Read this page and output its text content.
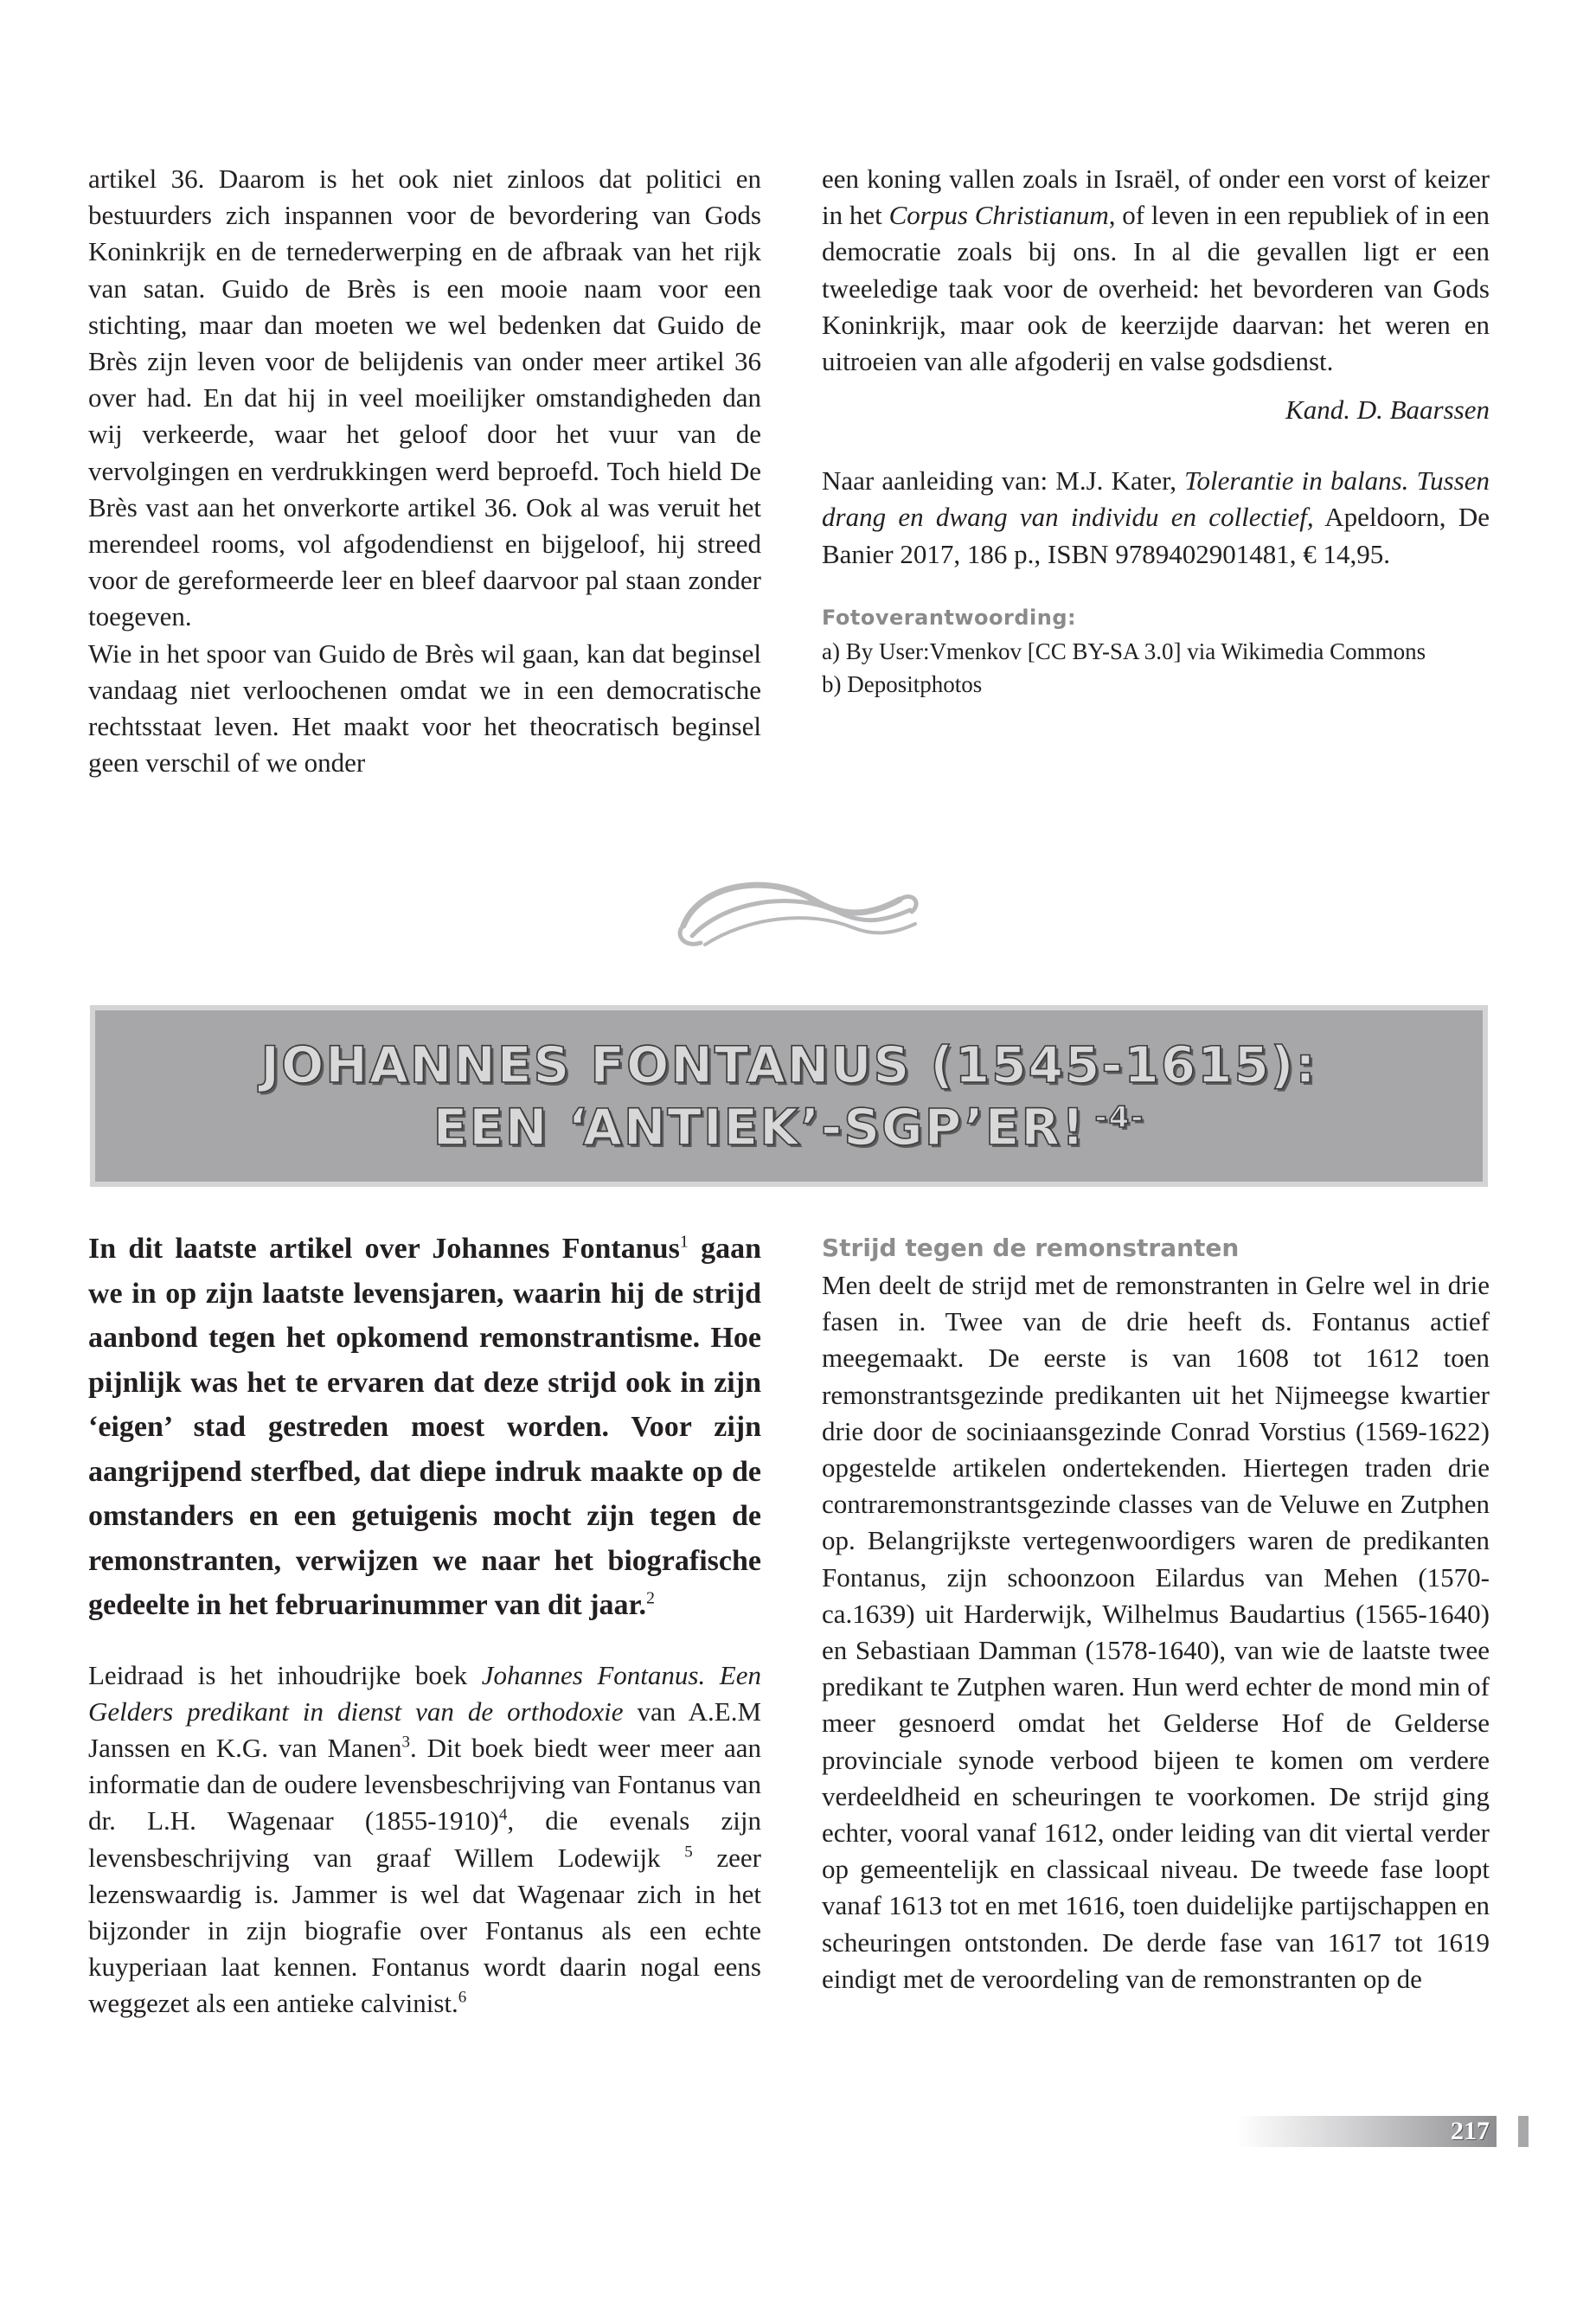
artikel 36. Daarom is het ook niet zinloos dat politici en bestuurders zich inspannen voor de bevordering van Gods Koninkrijk en de ternederwerping en de afbraak van het rijk van satan. Guido de Brès is een mooie naam voor een stichting, maar dan moeten we wel bedenken dat Guido de Brès zijn leven voor de belijdenis van onder meer artikel 36 over had. En dat hij in veel moeilijker omstandigheden dan wij verkeerde, waar het geloof door het vuur van de vervolgingen en verdrukkingen werd beproefd. Toch hield De Brès vast aan het onverkorte artikel 36. Ook al was veruit het merendeel rooms, vol afgodendienst en bijgeloof, hij streed voor de gereformeerde leer en bleef daarvoor pal staan zonder toegeven.

Wie in het spoor van Guido de Brès wil gaan, kan dat beginsel vandaag niet verloochenen omdat we in een democratische rechtsstaat leven. Het maakt voor het theocratisch beginsel geen verschil of we onder

een koning vallen zoals in Israël, of onder een vorst of keizer in het Corpus Christianum, of leven in een republiek of in een democratie zoals bij ons. In al die gevallen ligt er een tweeledige taak voor de overheid: het bevorderen van Gods Koninkrijk, maar ook de keerzijde daarvan: het weren en uitroeien van alle afgoderij en valse godsdienst.

Kand. D. Baarssen

Naar aanleiding van: M.J. Kater, Tolerantie in balans. Tussen drang en dwang van individu en collectief, Apeldoorn, De Banier 2017, 186 p., ISBN 9789402901481, € 14,95.

Fotoverantwoording:

a) By User:Vmenkov [CC BY-SA 3.0] via Wikimedia Commons

b) Depositphotos

JOHANNES FONTANUS (1545-1615):
EEN ‘ANTIEK’-SGP’ER! $^{-4-}$

In dit laatste artikel over Johannes Fontanus$^1$ gaan we in op zijn laatste levensjaren, waarin hij de strijd aanbond tegen het opkomend remonstrantisme. Hoe pijnlijk was het te ervaren dat deze strijd ook in zijn ‘eigen’ stad gestreden moest worden. Voor zijn aangrijpend sterfbed, dat diepe indruk maakte op de omstanders en een getuigenis mocht zijn tegen de remonstranten, verwijzen we naar het biografische gedeelte in het februarinummer van dit jaar.$^2$

Leidraad is het inhoudrijke boek Johannes Fontanus. Een Gelders predikant in dienst van de orthodoxie van A.E.M Janssen en K.G. van Manen$^3$. Dit boek biedt weer meer aan informatie dan de oudere levensbeschrijving van Fontanus van dr. L.H. Wagenaar (1855-1910)$^4$, die evenals zijn levensbeschrijving van graaf Willem Lodewijk $^5$ zeer lezenswaardig is. Jammer is wel dat Wagenaar zich in het bijzonder in zijn biografie over Fontanus als een echte kuyperiaan laat kennen. Fontanus wordt daarin nogal eens weggezet als een antieke calvinist.$^6$

Strijd tegen de remonstranten

Men deelt de strijd met de remonstranten in Gelre wel in drie fasen in. Twee van de drie heeft ds. Fontanus actief meegemaakt. De eerste is van 1608 tot 1612 toen remonstrantsgezinde predikanten uit het Nijmeegse kwartier drie door de sociniaansgezinde Conrad Vorstius (1569-1622) opgestelde artikelen ondertekenden. Hiertegen traden drie contraremonstrantsgezinde classes van de Veluwe en Zutphen op. Belangrijkste vertegenwoordigers waren de predikanten Fontanus, zijn schoonzoon Eilardus van Mehen (1570-ca.1639) uit Harderwijk, Wilhelmus Baudartius (1565-1640) en Sebastiaan Damman (1578-1640), van wie de laatste twee predikant te Zutphen waren. Hun werd echter de mond min of meer gesnoerd omdat het Gelderse Hof de Gelderse provinciale synode verbood bijeen te komen om verdere verdeeldheid en scheuringen te voorkomen. De strijd ging echter, vooral vanaf 1612, onder leiding van dit viertal verder op gemeentelijk en classicaal niveau. De tweede fase loopt vanaf 1613 tot en met 1616, toen duidelijke partijschappen en scheuringen ontstonden. De derde fase van 1617 tot 1619 eindigt met de veroordeling van de remonstranten op de

217
